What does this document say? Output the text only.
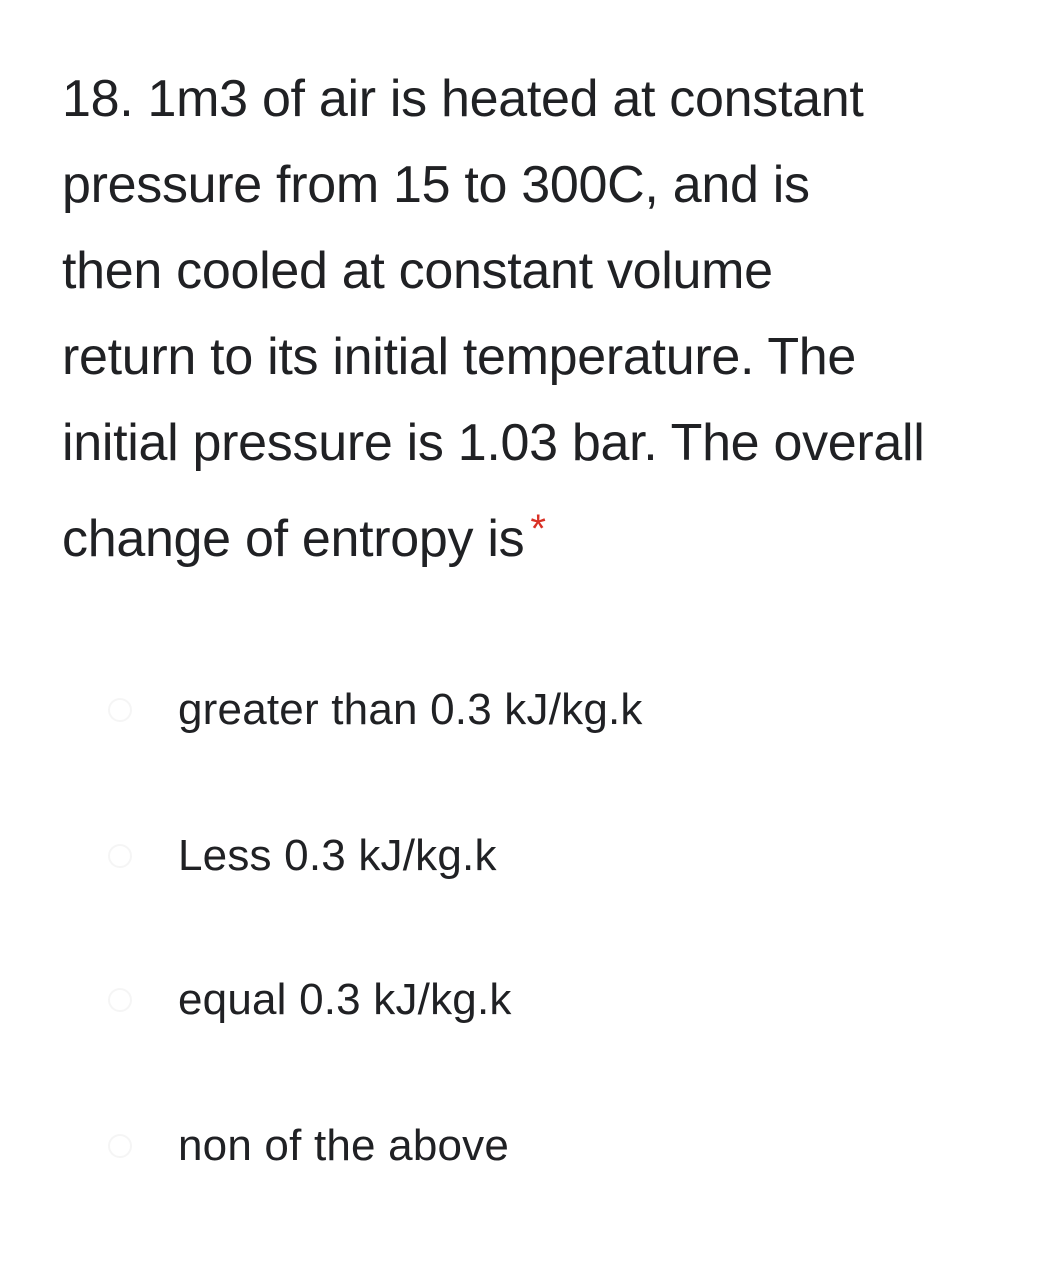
18. 1m3 of air is heated at constant
pressure from 15 to 300C, and is
then cooled at constant volume
return to its initial temperature. The
initial pressure is 1.03 bar. The overall
change of entropy is *
greater than 0.3 kJ/kg.k
Less 0.3 kJ/kg.k
equal 0.3 kJ/kg.k
non of the above
